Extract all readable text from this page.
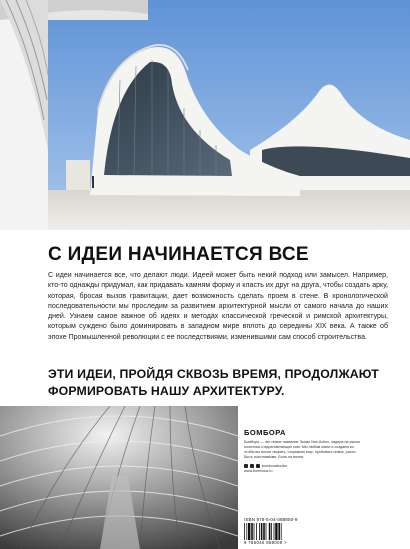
С ИДЕИ НАЧИНАЕТСЯ ВСЕ
С идеи начинается все, что делают люди. Идеей может быть некий подход или замысел. Например, кто-то однажды придумал, как придавать камням форму и класть их друг на друга, чтобы создать арку, которая, бросая вызов гравитации, дает возможность сделать проем в стене. В хронологической последовательности мы проследим за развитием архитектурной мысли от самого начала до наших дней. Узнаем самое важное об идеях и методах классической греческой и римской архитектуры, которым суждено было доминировать в западном мире вплоть до середины XIX века. А также об эпохе Промышленной революции с ее последствиями, изменившими сам способ строительства.
ЭТИ ИДЕИ, ПРОЙДЯ СКВОЗЬ ВРЕМЯ, ПРОДОЛЖАЮТ ФОРМИРОВАТЬ НАШУ АРХИТЕКТУРУ.
БОМБОРА
Бомбора — это новое название Эксмо Non-fiction, лидера на рынке полезных и вдохновляющих книг. Мы любим книги и создаем их, чтобы вы могли творить, открывать мир, пробовать новое, расти. Быть счастливыми. Быть на волне.
bomborabooks
www.bombora.ru
ISBN 978-5-04-088800-9
9 785040 888009 >
